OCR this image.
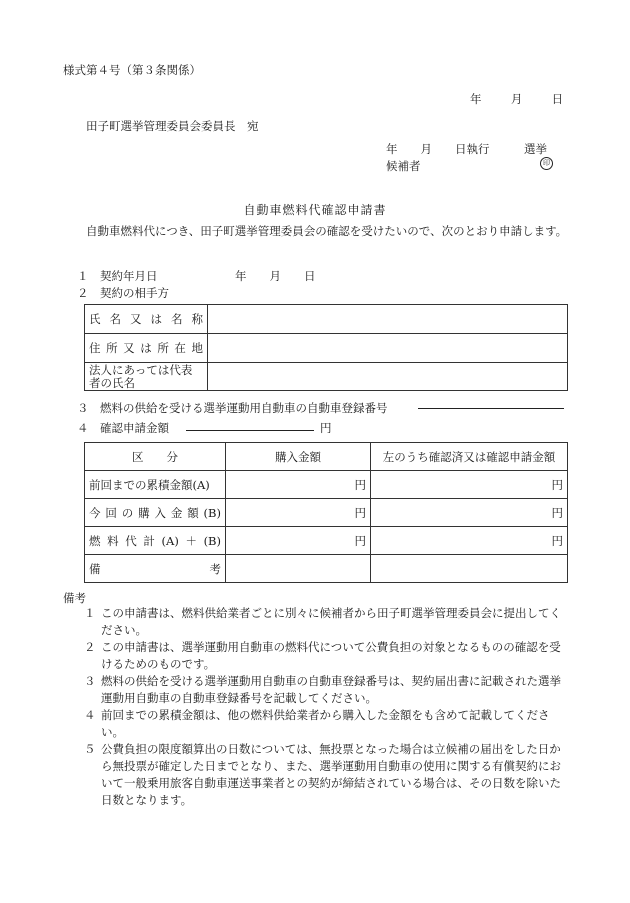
様式第４号（第３条関係）
年	月	日
田子町選挙管理委員会委員長　宛
年　　月　　日執行　　　選挙
候補者	印
自動車燃料代確認申請書
自動車燃料代につき、田子町選挙管理委員会の確認を受けたいので、次のとおり申請します。
１　契約年月日	年　　月　　日
２　契約の相手方
氏名又は名称	
住所又は所在地	
法人にあっては代表者の氏名	
３　燃料の供給を受ける選挙運動用自動車の自動車登録番号
４　確認申請金額	円
区　　分	購入金額	左のうち確認済又は確認申請金額
前回までの累積金額(A)	円	円
今回の購入金額(B)	円	円
燃料代計(A)＋(B)	円	円
備考		
備考
１ この申請書は、燃料供給業者ごとに別々に候補者から田子町選挙管理委員会に提出してください。
２ この申請書は、選挙運動用自動車の燃料代について公費負担の対象となるものの確認を受けるためのものです。
３ 燃料の供給を受ける選挙運動用自動車の自動車登録番号は、契約届出書に記載された選挙運動用自動車の自動車登録番号を記載してください。
４ 前回までの累積金額は、他の燃料供給業者から購入した金額をも含めて記載してください。
５ 公費負担の限度額算出の日数については、無投票となった場合は立候補の届出をした日から無投票が確定した日までとなり、また、選挙運動用自動車の使用に関する有償契約において一般乗用旅客自動車運送事業者との契約が締結されている場合は、その日数を除いた日数となります。
